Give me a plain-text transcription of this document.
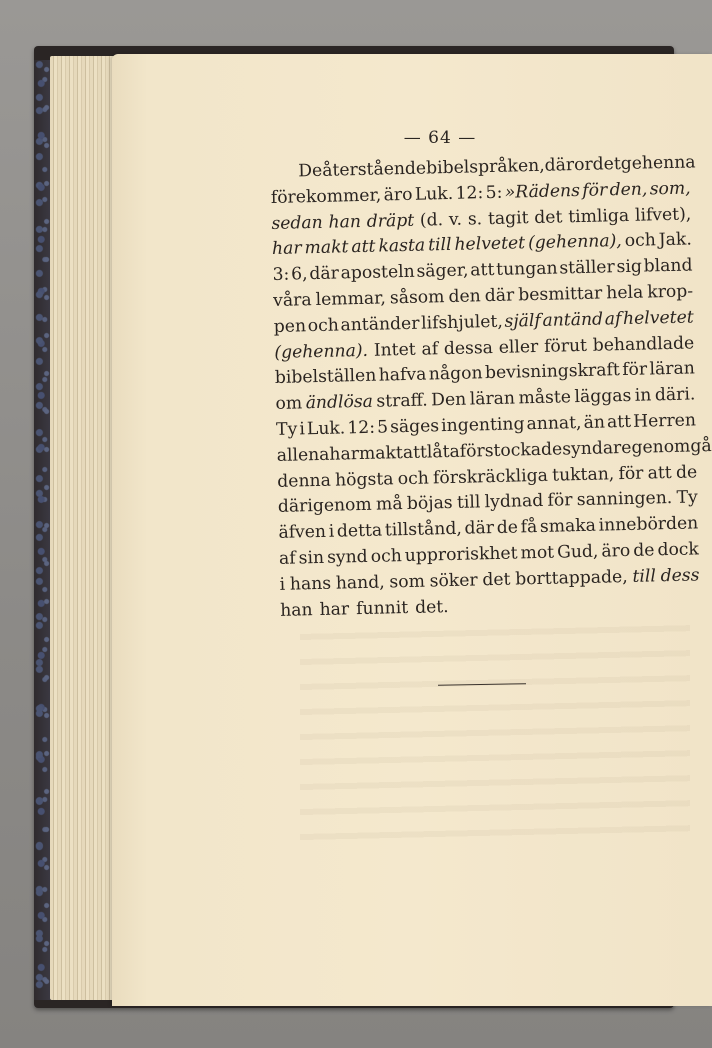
— 64 —
De återstående bibelspråken, där ordet gehenna
förekommer, äro Luk. 12: 5: »Rädens för den, som,
sedan han dräpt (d. v. s. tagit det timliga lifvet),
har makt att kasta till helvetet (gehenna), och Jak.
3: 6, där aposteln säger, att tungan ställer sig bland
våra lemmar, såsom den där besmittar hela krop-
pen och antänder lifshjulet, själf antänd af helvetet
(gehenna). Intet af dessa eller förut behandlade
bibelställen hafva någon bevisningskraft för läran
om ändlösa straff. Den läran måste läggas in däri.
Ty i Luk. 12: 5 säges ingenting annat, än att Herren
allena har makt att låta förstockade syndare genomgå
denna högsta och förskräckliga tuktan, för att de
därigenom må böjas till lydnad för sanningen. Ty
äfven i detta tillstånd, där de få smaka innebörden
af sin synd och upproriskhet mot Gud, äro de dock
i hans hand, som söker det borttappade, till dess
han har funnit det.
